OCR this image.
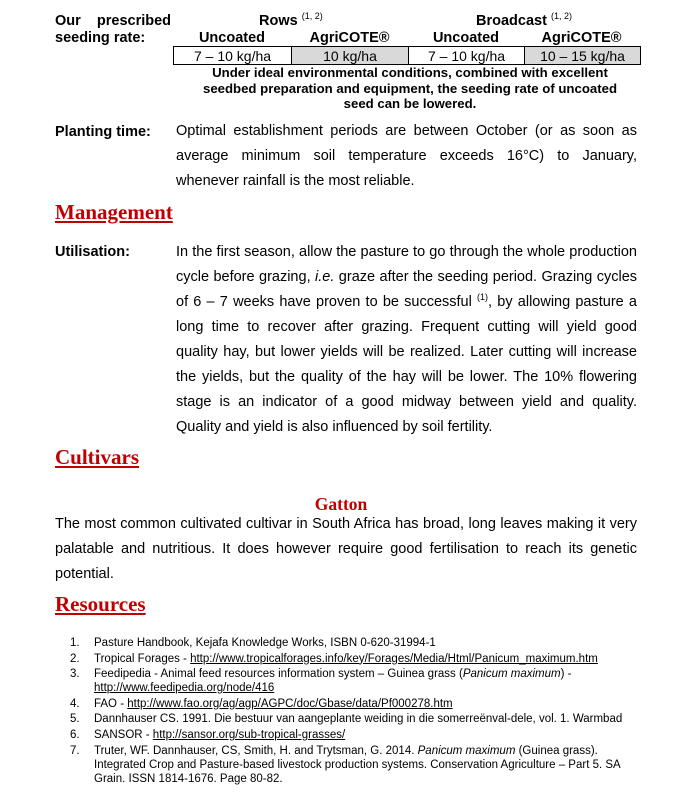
Our    prescribed
seeding rate:
Rows $^{(1, 2)}$	Broadcast $^{(1, 2)}$
Uncoated	AgriCOTE®	Uncoated	AgriCOTE®
7 – 10 kg/ha	10 kg/ha	7 – 10 kg/ha	10 – 15 kg/ha
Under ideal environmental conditions, combined with excellent seedbed preparation and equipment, the seeding rate of uncoated seed can be lowered.
Planting time: Optimal establishment periods are between October (or as soon as average minimum soil temperature exceeds 16°C) to January, whenever rainfall is the most reliable.
Management
Utilisation:	In the first season, allow the pasture to go through the whole production cycle before grazing, i.e. graze after the seeding period. Grazing cycles of 6 – 7 weeks have proven to be successful $^{(1)}$, by allowing pasture a long time to recover after grazing. Frequent cutting will yield good quality hay, but lower yields will be realized. Later cutting will increase the yields, but the quality of the hay will be lower. The 10% flowering stage is an indicator of a good midway between yield and quality. Quality and yield is also influenced by soil fertility.
Cultivars
Gatton
The most common cultivated cultivar in South Africa has broad, long leaves making it very palatable and nutritious. It does however require good fertilisation to reach its genetic potential.
Resources
1. Pasture Handbook, Kejafa Knowledge Works, ISBN 0-620-31994-1
2. Tropical Forages - http://www.tropicalforages.info/key/Forages/Media/Html/Panicum_maximum.htm
3. Feedipedia - Animal feed resources information system – Guinea grass (Panicum maximum) - http://www.feedipedia.org/node/416
4. FAO - http://www.fao.org/ag/agp/AGPC/doc/Gbase/data/Pf000278.htm
5. Dannhauser CS. 1991. Die bestuur van aangeplante weiding in die somerreënval-dele, vol. 1. Warmbad
6. SANSOR - http://sansor.org/sub-tropical-grasses/
7. Truter, WF. Dannhauser, CS, Smith, H. and Trytsman, G. 2014. Panicum maximum (Guinea grass). Integrated Crop and Pasture-based livestock production systems. Conservation Agriculture – Part 5. SA Grain. ISSN 1814-1676. Page 80-82.
